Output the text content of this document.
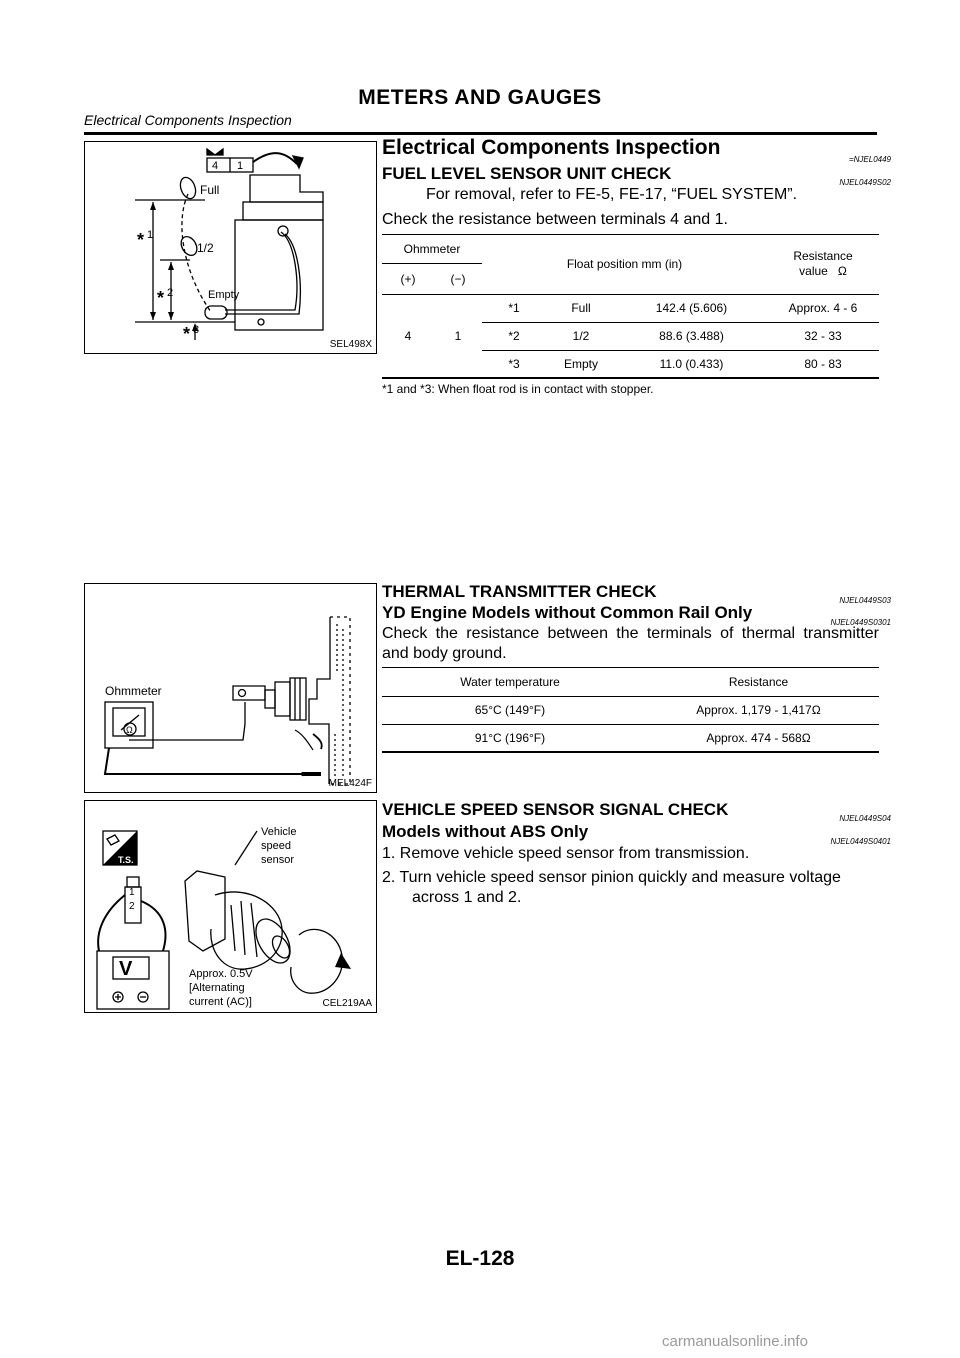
METERS AND GAUGES
Electrical Components Inspection
4 1
Full
1/2
Empty
* 1
* 2
* 3
SEL498X
Electrical Components Inspection
=NJEL0449
FUEL LEVEL SENSOR UNIT CHECK	NJEL0449S02
For removal, refer to FE-5, FE-17, “FUEL SYSTEM”.
Check the resistance between terminals 4 and 1.
Ohmmeter		Float position mm (in)			Resistance
value Ω
(+)	(−)				
4	1	*1	Full	142.4 (5.606)	Approx. 4 - 6
		*2	1/2	88.6 (3.488)	32 - 33
		*3	Empty	11.0 (0.433)	80 - 83
*1 and *3: When float rod is in contact with stopper.
Ohmmeter
Ω
MEL424F
THERMAL TRANSMITTER CHECK	NJEL0449S03
YD Engine Models without Common Rail Only
NJEL0449S0301
Check the resistance between the terminals of thermal transmitter and body ground.
Water temperature	Resistance
65°C (149°F)	Approx. 1,179 - 1,417Ω
91°C (196°F)	Approx. 474 - 568Ω
T.S.
V
1
2
Vehicle
speed
sensor
Approx. 0.5V
[Alternating
current (AC)]	CEL219AA
VEHICLE SPEED SENSOR SIGNAL CHECK	NJEL0449S04
Models without ABS Only
NJEL0449S0401
1. Remove vehicle speed sensor from transmission.
2. Turn vehicle speed sensor pinion quickly and measure voltage
across 1 and 2.
EL-128
carmanualsonline.info
